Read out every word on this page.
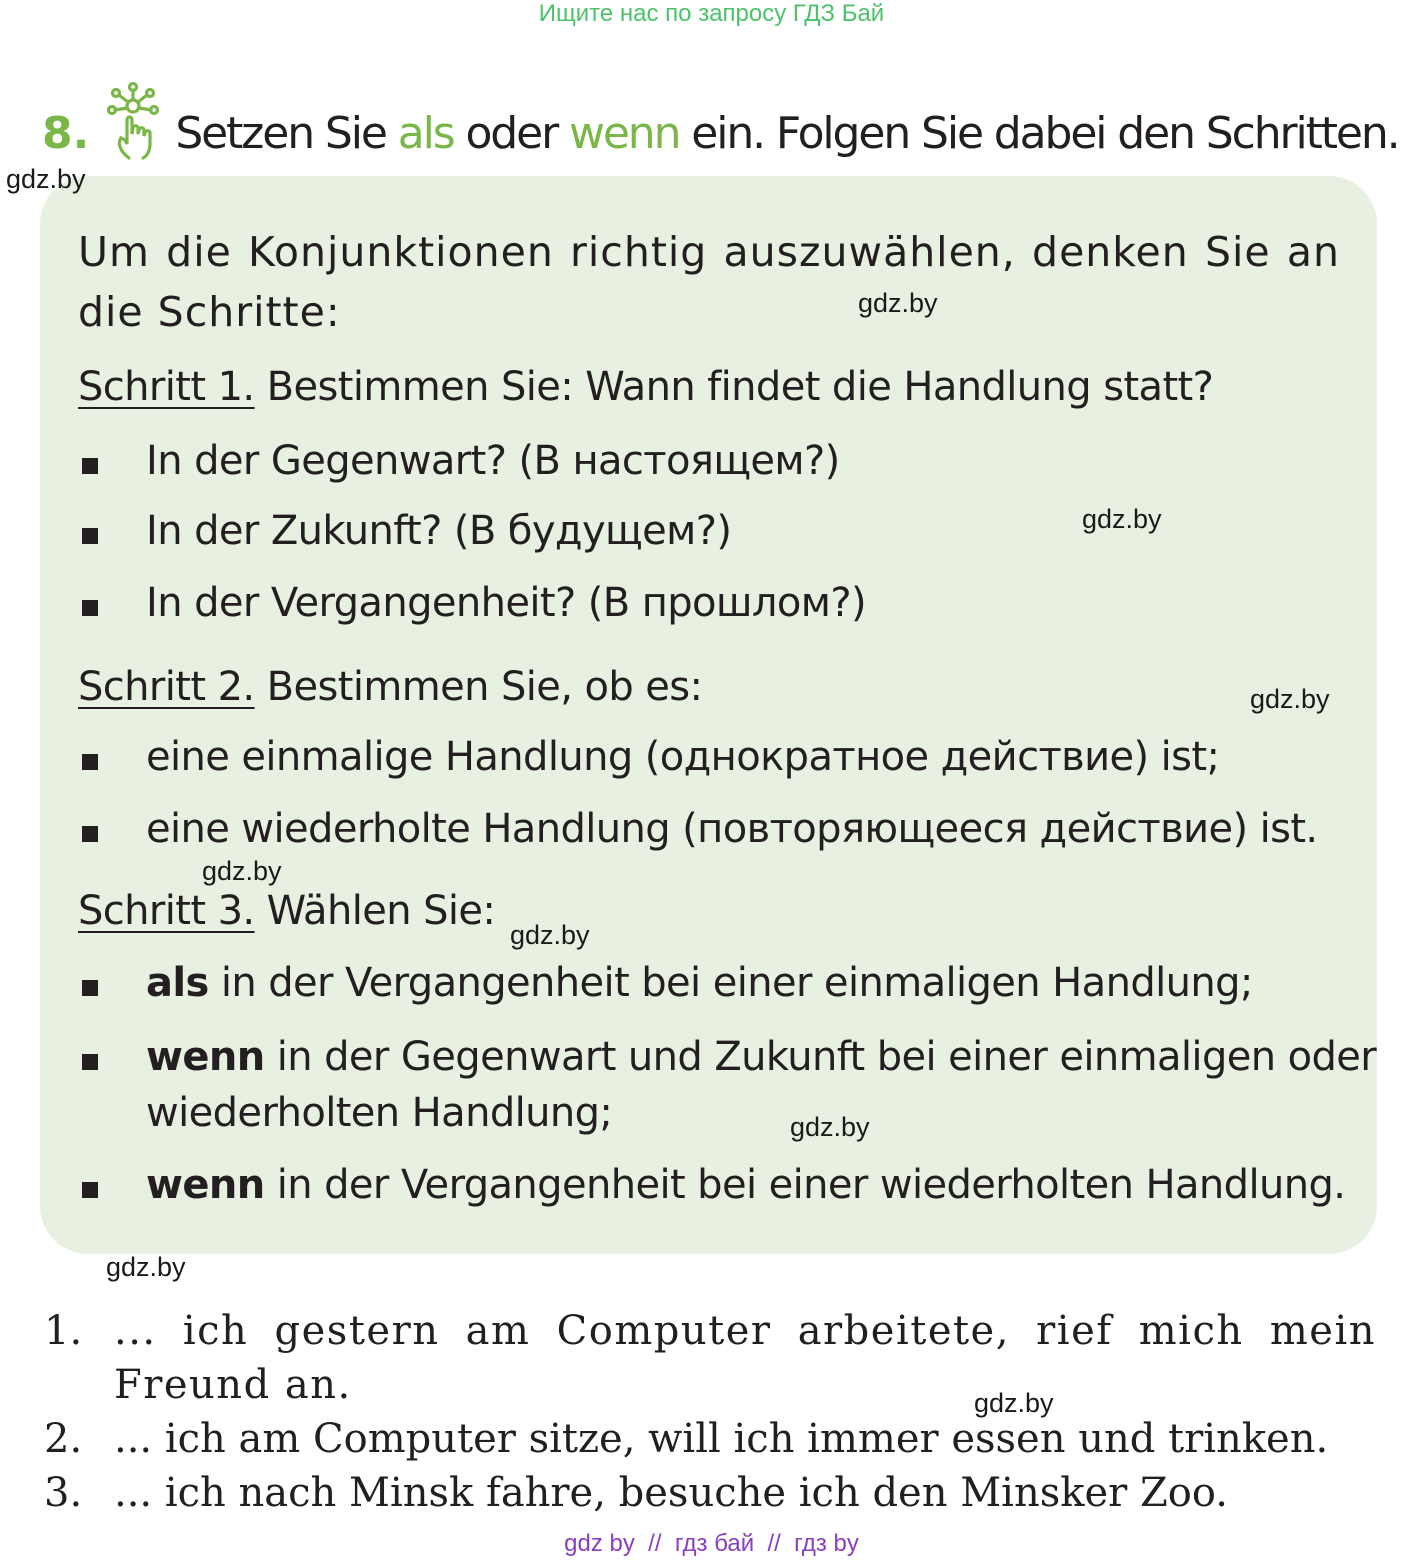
Ищите нас по запросу ГДЗ Бай
8. Setzen Sie als oder wenn ein. Folgen Sie dabei den Schritten.
Um die Konjunktionen richtig auszuwählen, denken Sie an die Schritte:
Schritt 1. Bestimmen Sie: Wann findet die Handlung statt?
In der Gegenwart? (В настоящем?)
In der Zukunft? (В будущем?)
In der Vergangenheit? (В прошлом?)
Schritt 2. Bestimmen Sie, ob es:
eine einmalige Handlung (однократное действие) ist;
eine wiederholte Handlung (повторяющееся действие) ist.
Schritt 3. Wählen Sie:
als in der Vergangenheit bei einer einmaligen Handlung;
wenn in der Gegenwart und Zukunft bei einer einmaligen oder
wiederholten Handlung;
wenn in der Vergangenheit bei einer wiederholten Handlung.
1. ... ich gestern am Computer arbeitete, rief mich mein Freund an.
2. ... ich am Computer sitze, will ich immer essen und trinken.
3. ... ich nach Minsk fahre, besuche ich den Minsker Zoo.
gdz.by
gdz.by
gdz.by
gdz.by
gdz.by
gdz.by
gdz.by
gdz.by
gdz.by
gdz by  //  гдз бай  //  гдз by
